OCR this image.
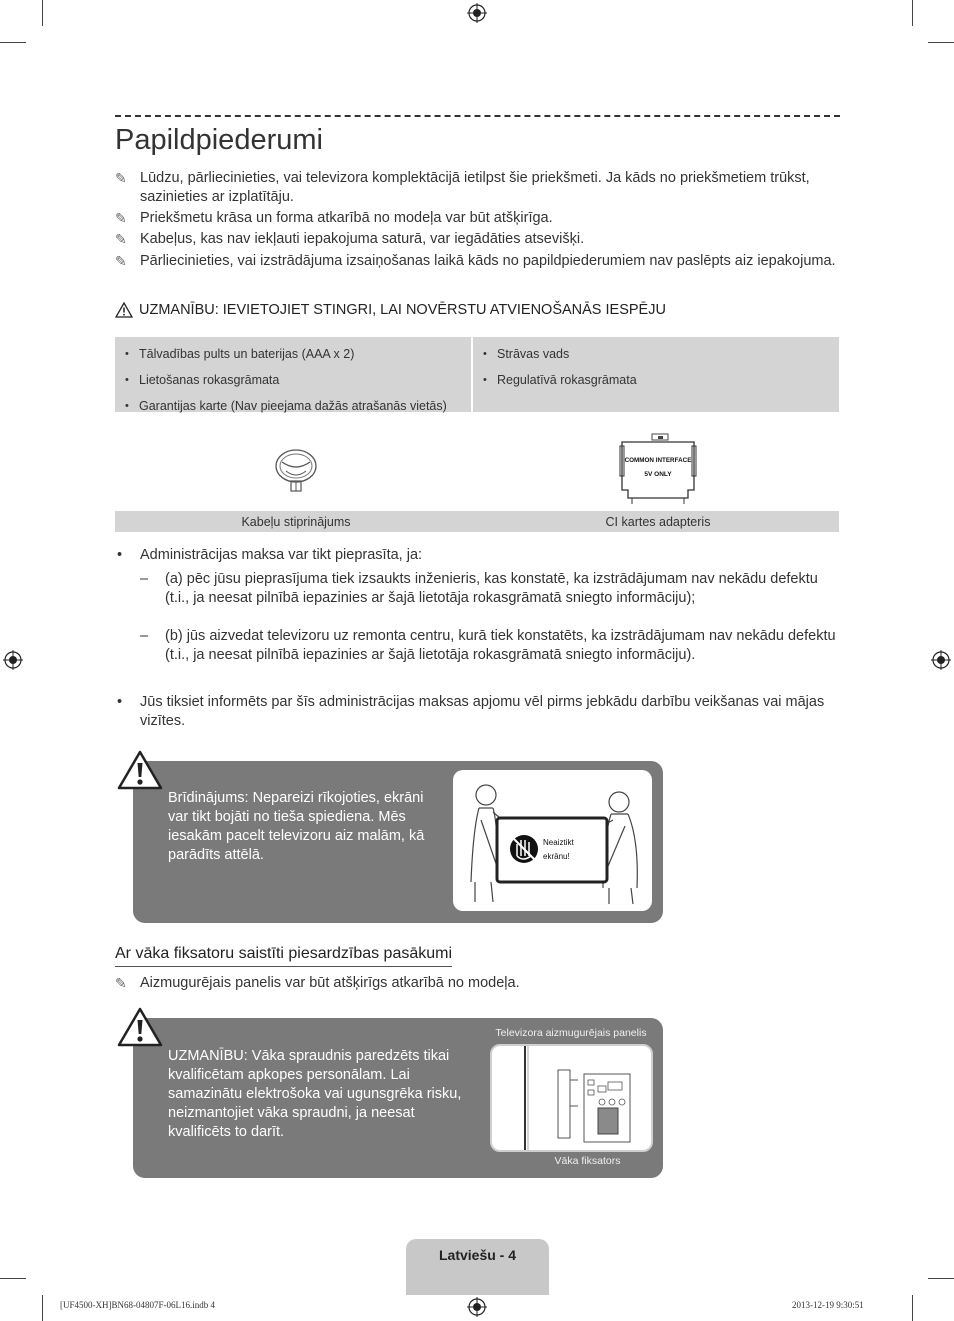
Papildpiederumi
✎ Lūdzu, pārliecinieties, vai televizora komplektācijā ietilpst šie priekšmeti. Ja kāds no priekšmetiem trūkst, sazinieties ar izplatītāju.
✎ Priekšmetu krāsa un forma atkarībā no modeļa var būt atšķirīga.
✎ Kabeļus, kas nav iekļauti iepakojuma saturā, var iegādāties atsevišķi.
✎ Pārliecinieties, vai izstrādājuma izsaiņošanas laikā kāds no papildpiederumiem nav paslēpts aiz iepakojuma.
UZMANĪBU: IEVIETOJIET STINGRI, LAI NOVĒRSTU ATVIENOŠANĀS IESPĒJU
• Tālvadības pults un baterijas (AAA x 2)
• Lietošanas rokasgrāmata
• Garantijas karte (Nav pieejama dažās atrašanās vietās)
• Strāvas vads
• Regulatīvā rokasgrāmata
COMMON INTERFACE
5V ONLY
Kabeļu stiprinājums	CI kartes adapteris
•	Administrācijas maksa var tikt pieprasīta, ja:
–	(a) pēc jūsu pieprasījuma tiek izsaukts inženieris, kas konstatē, ka izstrādājumam nav nekādu defektu
(t.i., ja neesat pilnībā iepazinies ar šajā lietotāja rokasgrāmatā sniegto informāciju);
–	(b) jūs aizvedat televizoru uz remonta centru, kurā tiek konstatēts, ka izstrādājumam nav nekādu defektu
(t.i., ja neesat pilnībā iepazinies ar šajā lietotāja rokasgrāmatā sniegto informāciju).
•	Jūs tiksiet informēts par šīs administrācijas maksas apjomu vēl pirms jebkādu darbību veikšanas vai mājas vizītes.
Brīdinājums: Nepareizi rīkojoties, ekrāni var tikt bojāti no tieša spiediena. Mēs iesakām pacelt televizoru aiz malām, kā parādīts attēlā.
Neaiztikt
ekrānu!
Ar vāka fiksatoru saistīti piesardzības pasākumi
✎ Aizmugurējais panelis var būt atšķirīgs atkarībā no modeļa.
UZMANĪBU: Vāka spraudnis paredzēts tikai kvalificētam apkopes personālam. Lai samazinātu elektrošoka vai ugunsgrēka risku, neizmantojiet vāka spraudni, ja neesat kvalificēts to darīt.
Televizora aizmugurējais panelis
Vāka fiksators
Latviešu - 4
[UF4500-XH]BN68-04807F-06L16.indb 4	2013-12-19 9:30:51
